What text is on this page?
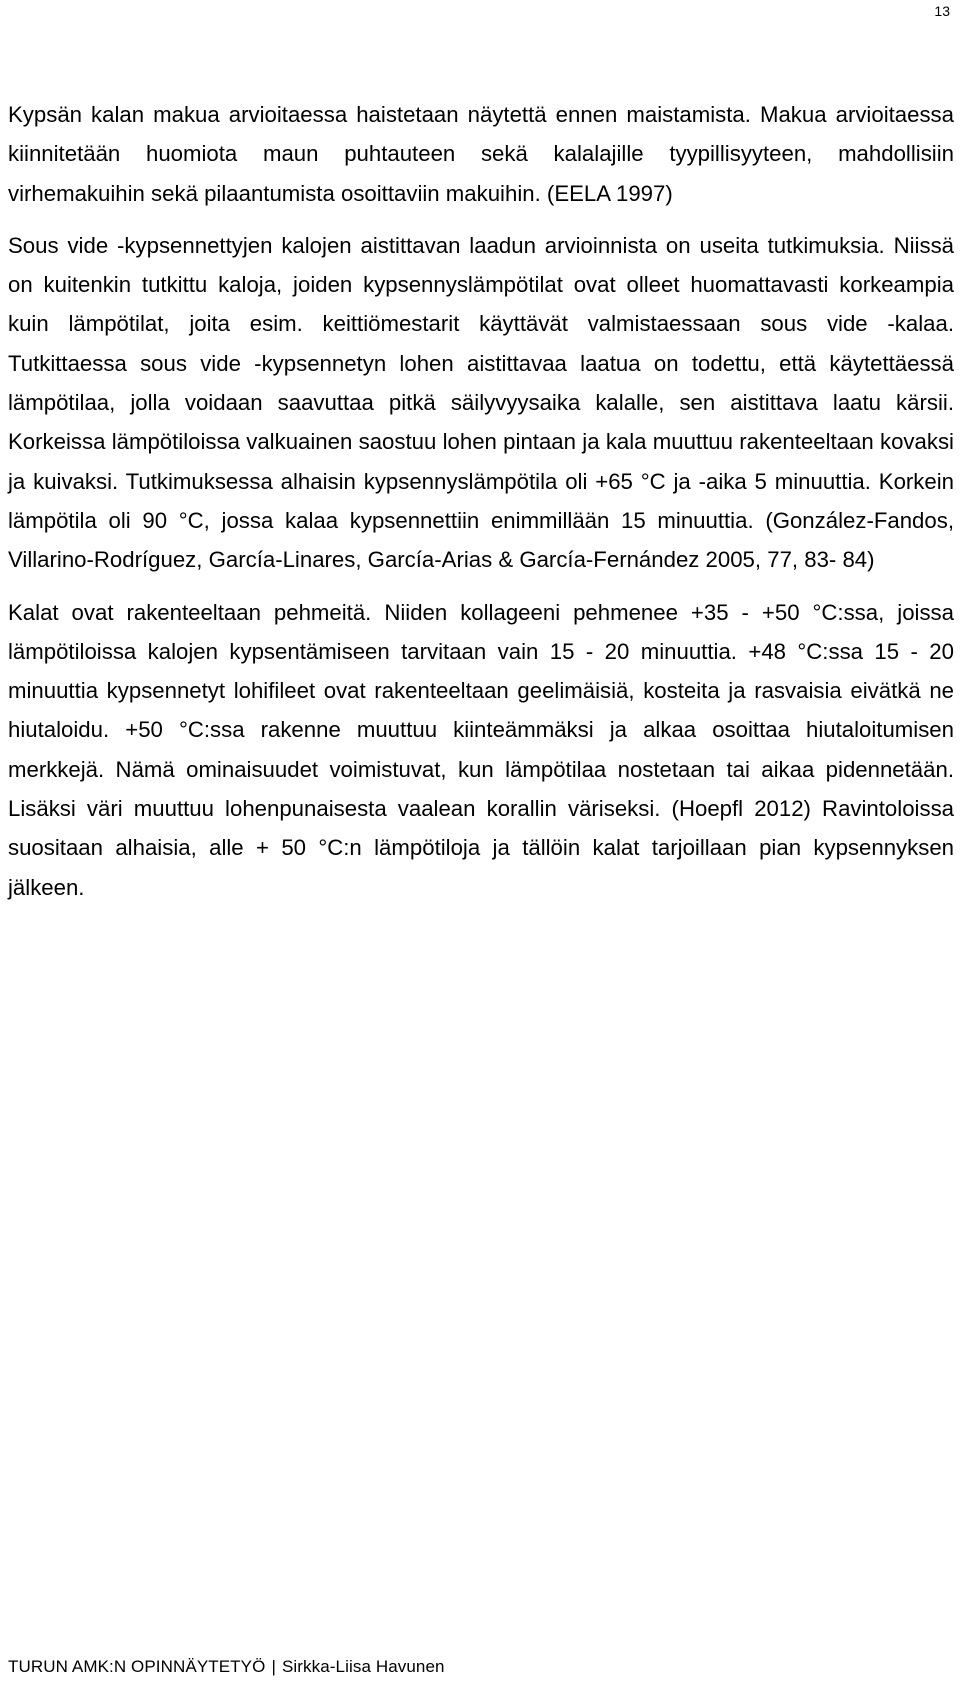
13

Kypsän kalan makua arvioitaessa haistetaan näytettä ennen maistamista. Makua arvioitaessa kiinnitetään huomiota maun puhtauteen sekä kalalajille tyypillisyyteen, mahdollisiin virhemakuihin sekä pilaantumista osoittaviin makuihin. (EELA 1997)

Sous vide -kypsennettyjen kalojen aistittavan laadun arvioinnista on useita tutkimuksia. Niissä on kuitenkin tutkittu kaloja, joiden kypsennyslämpötilat ovat olleet huomattavasti korkeampia kuin lämpötilat, joita esim. keittiömestarit käyttävät valmistaessaan sous vide -kalaa. Tutkittaessa sous vide -kypsennetyn lohen aistittavaa laatua on todettu, että käytettäessä lämpötilaa, jolla voidaan saavuttaa pitkä säilyvyysaika kalalle, sen aistittava laatu kärsii. Korkeissa lämpötiloissa valkuainen saostuu lohen pintaan ja kala muuttuu rakenteeltaan kovaksi ja kuivaksi. Tutkimuksessa alhaisin kypsennyslämpötila oli +65 °C ja -aika 5 minuuttia. Korkein lämpötila oli 90 °C, jossa kalaa kypsennettiin enimmillään 15 minuuttia. (González-Fandos, Villarino-Rodríguez, García-Linares, García-Arias & García-Fernández 2005, 77, 83- 84)

Kalat ovat rakenteeltaan pehmeitä. Niiden kollageeni pehmenee +35 - +50 °C:ssa, joissa lämpötiloissa kalojen kypsentämiseen tarvitaan vain 15 - 20 minuuttia. +48 °C:ssa 15 - 20 minuuttia kypsennetyt lohifileet ovat rakenteeltaan geelimäisiä, kosteita ja rasvaisia eivätkä ne hiutaloidu. +50 °C:ssa rakenne muuttuu kiinteämmäksi ja alkaa osoittaa hiutaloitumisen merkkejä. Nämä ominaisuudet voimistuvat, kun lämpötilaa nostetaan tai aikaa pidennetään. Lisäksi väri muuttuu lohenpunaisesta vaalean korallin väriseksi. (Hoepfl 2012) Ravintoloissa suositaan alhaisia, alle + 50 °C:n lämpötiloja ja tällöin kalat tarjoillaan pian kypsennyksen jälkeen.

TURUN AMK:N OPINNÄYTETYÖ | Sirkka-Liisa Havunen
